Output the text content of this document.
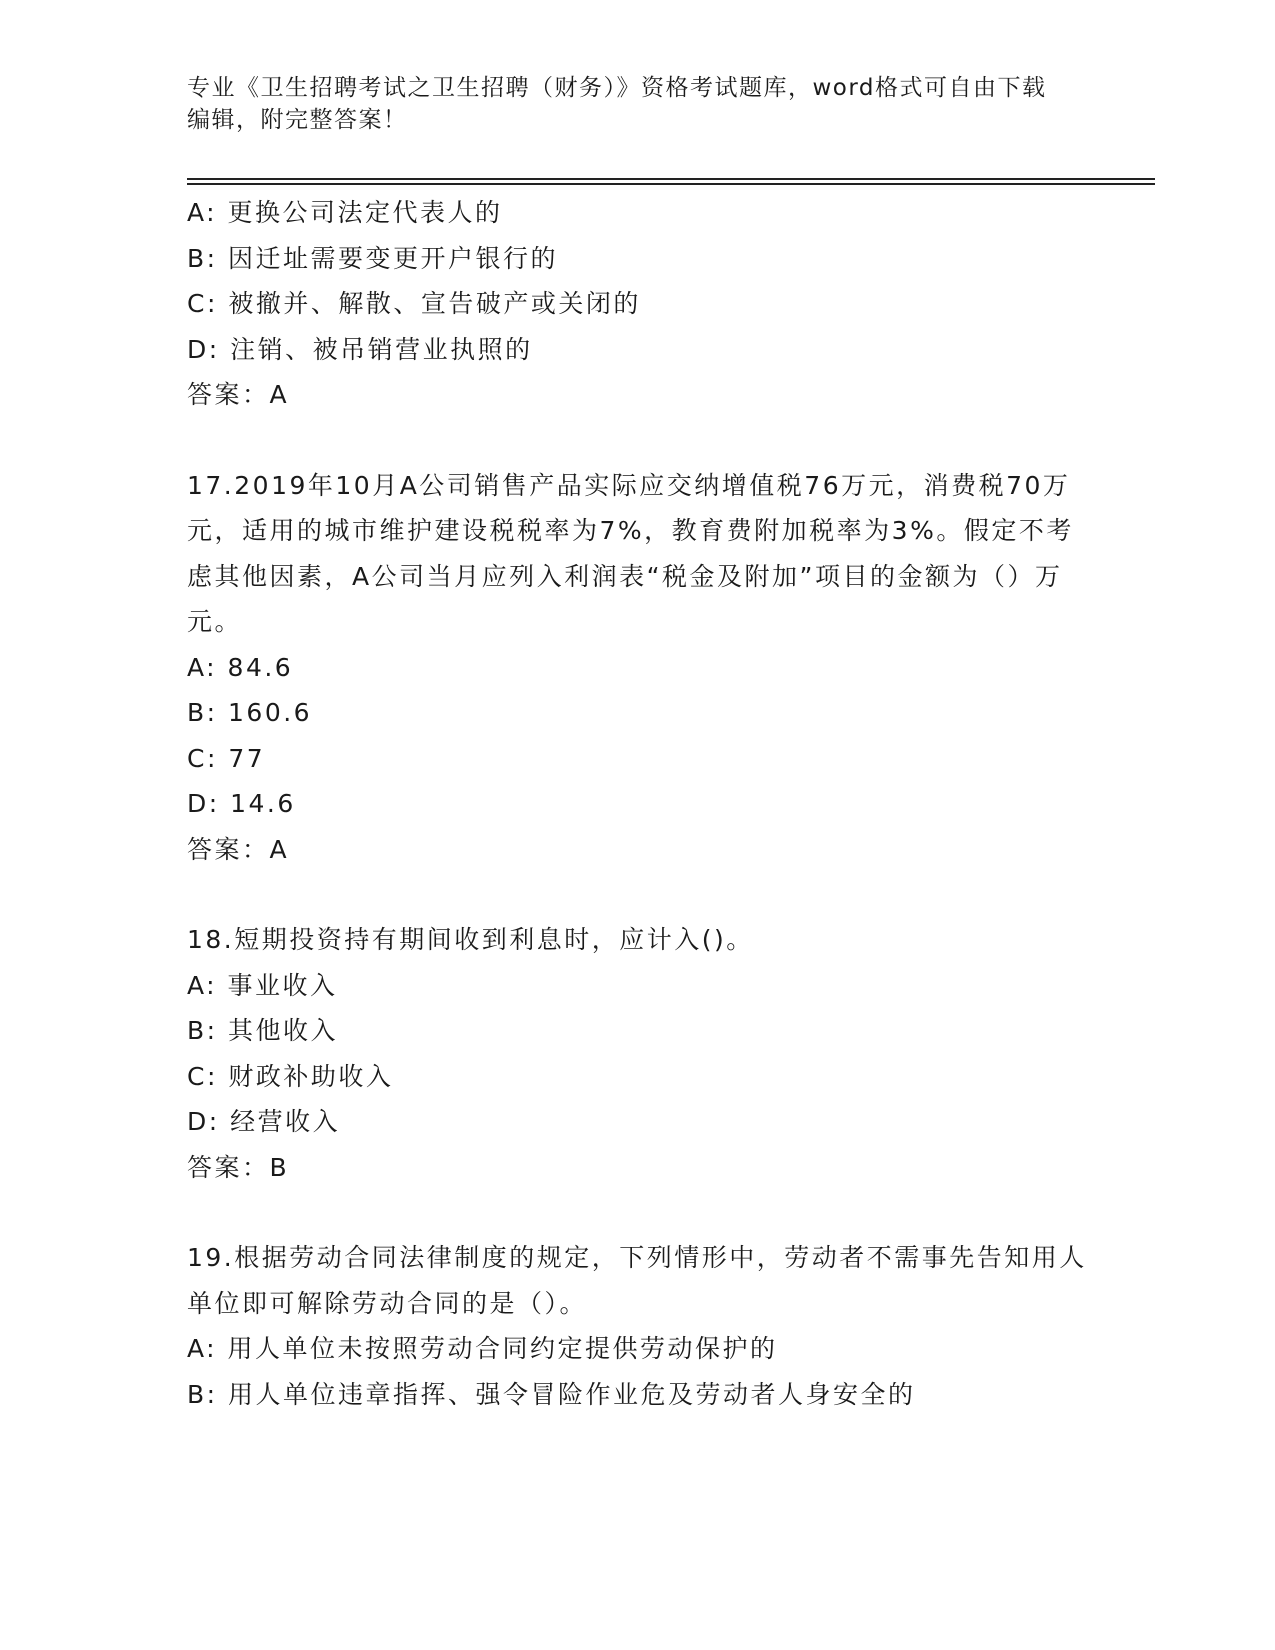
专业《卫生招聘考试之卫生招聘（财务）》资格考试题库，word格式可自由下载编辑，附完整答案！

A: 更换公司法定代表人的
B: 因迁址需要变更开户银行的
C: 被撤并、解散、宣告破产或关闭的
D: 注销、被吊销营业执照的
答案：A
17.2019年10月A公司销售产品实际应交纳增值税76万元，消费税70万元，适用的城市维护建设税税率为7%，教育费附加税率为3%。假定不考虑其他因素，A公司当月应列入利润表“税金及附加”项目的金额为（）万元。
A: 84.6
B: 160.6
C: 77
D: 14.6
答案：A
18.短期投资持有期间收到利息时，应计入()。
A: 事业收入
B: 其他收入
C: 财政补助收入
D: 经营收入
答案：B
19.根据劳动合同法律制度的规定，下列情形中，劳动者不需事先告知用人单位即可解除劳动合同的是（）。
A: 用人单位未按照劳动合同约定提供劳动保护的
B: 用人单位违章指挥、强令冒险作业危及劳动者人身安全的
